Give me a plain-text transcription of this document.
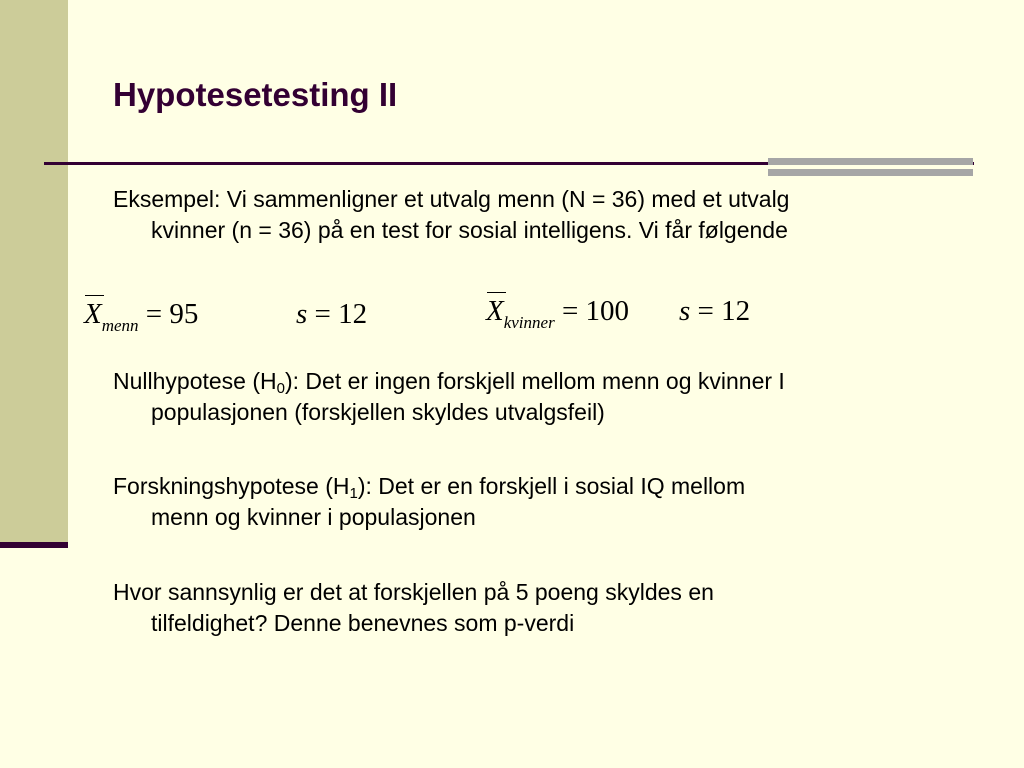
Hypotesetesting II
Eksempel: Vi sammenligner et utvalg menn (N = 36) med et utvalg
kvinner (n = 36) på en test for sosial intelligens. Vi får følgende
$X_{menn} = 95$	s = 12	$X_{kvinner} = 100$ s = 12
Nullhypotese $(H_0)$: Det er ingen forskjell mellom menn og kvinner I
populasjonen (forskjellen skyldes utvalgsfeil)
Forskningshypotese $(H_1)$: Det er en forskjell i sosial IQ mellom
menn og kvinner i populasjonen
Hvor sannsynlig er det at forskjellen på 5 poeng skyldes en
tilfeldighet? Denne benevnes som p-verdi
